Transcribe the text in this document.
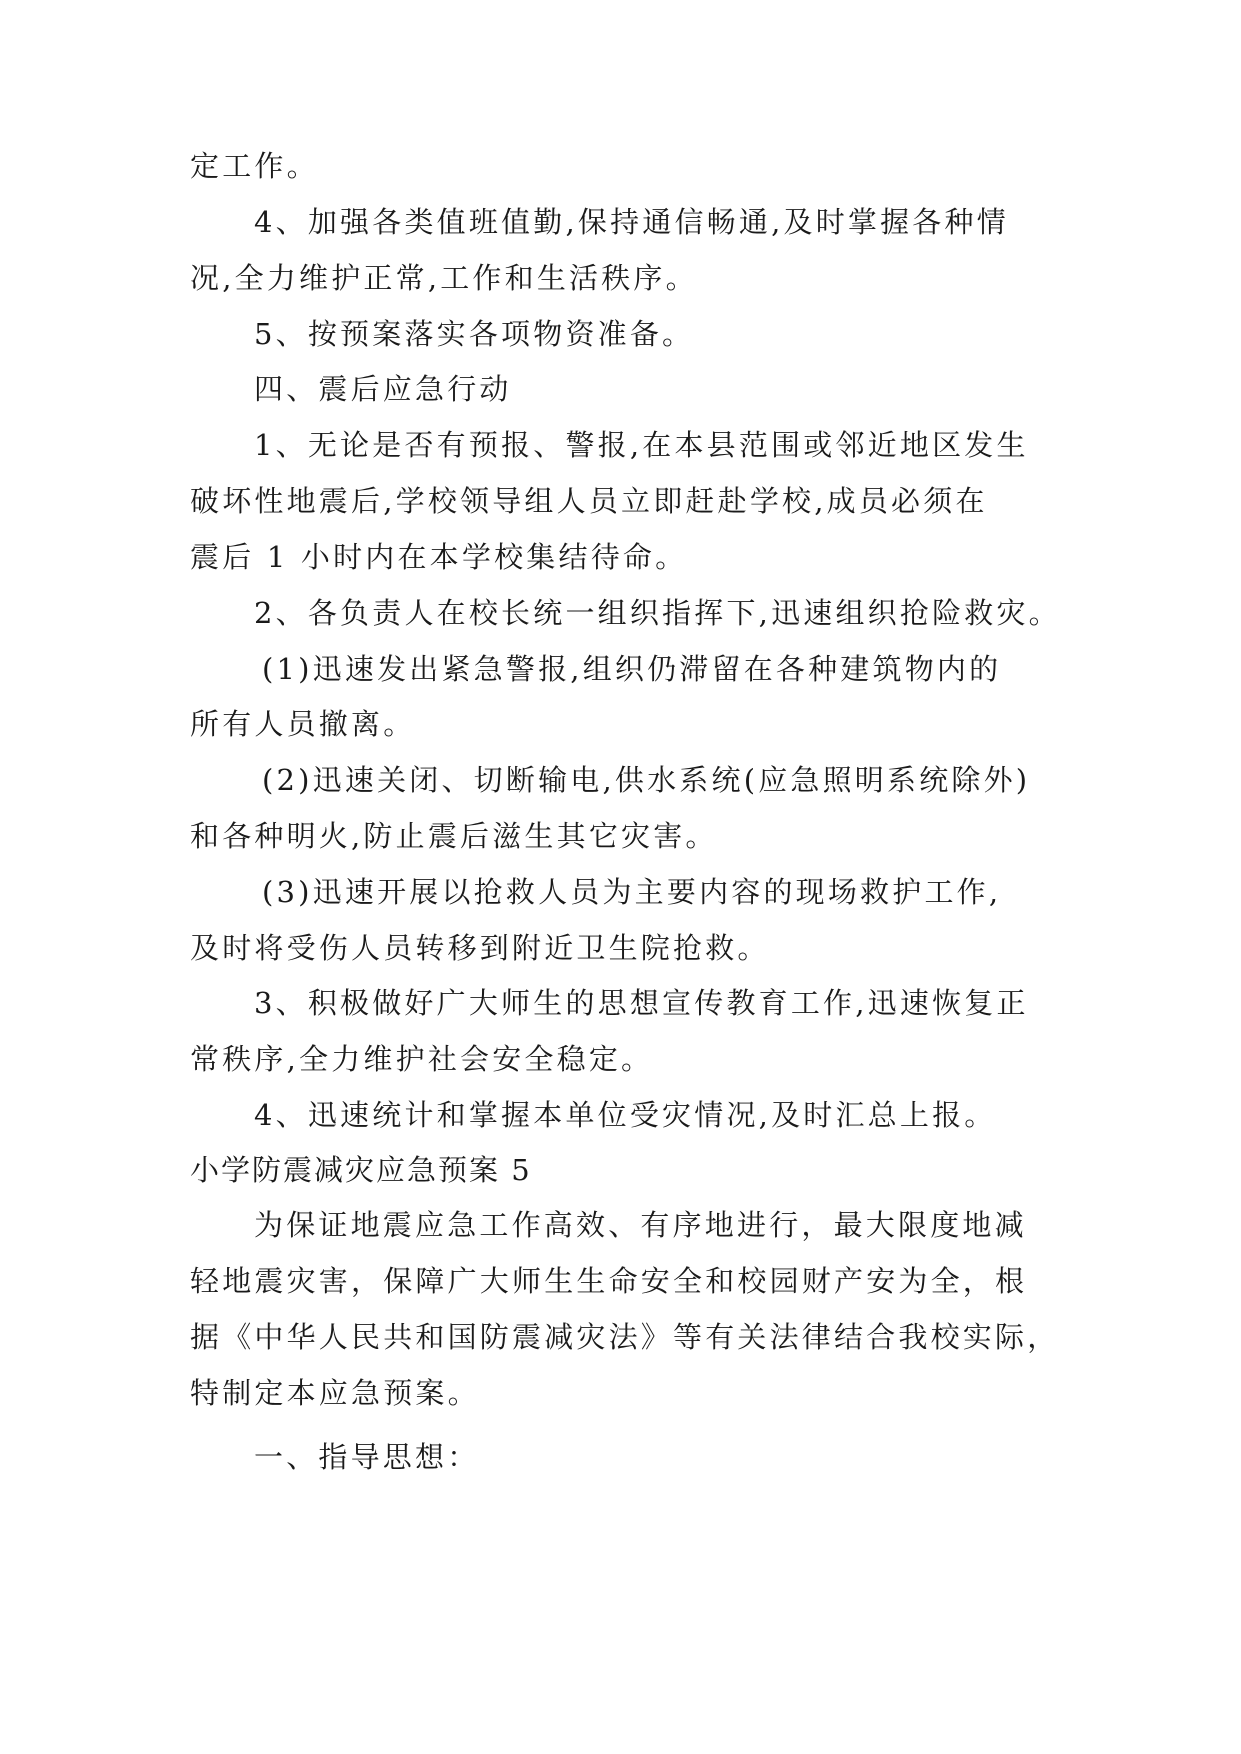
定工作。

4、加强各类值班值勤,保持通信畅通,及时掌握各种情

况,全力维护正常,工作和生活秩序。

5、按预案落实各项物资准备。

四、震后应急行动

1、无论是否有预报、警报,在本县范围或邻近地区发生

破坏性地震后,学校领导组人员立即赶赴学校,成员必须在

震后 1 小时内在本学校集结待命。

2、各负责人在校长统一组织指挥下,迅速组织抢险救灾。

(1)迅速发出紧急警报,组织仍滞留在各种建筑物内的

所有人员撤离。

(2)迅速关闭、切断输电,供水系统(应急照明系统除外)

和各种明火,防止震后滋生其它灾害。

(3)迅速开展以抢救人员为主要内容的现场救护工作,

及时将受伤人员转移到附近卫生院抢救。

3、积极做好广大师生的思想宣传教育工作,迅速恢复正

常秩序,全力维护社会安全稳定。

4、迅速统计和掌握本单位受灾情况,及时汇总上报。

小学防震减灾应急预案 5

为保证地震应急工作高效、有序地进行，最大限度地减

轻地震灾害，保障广大师生生命安全和校园财产安为全，根

据《中华人民共和国防震减灾法》等有关法律结合我校实际，

特制定本应急预案。

一、指导思想：
